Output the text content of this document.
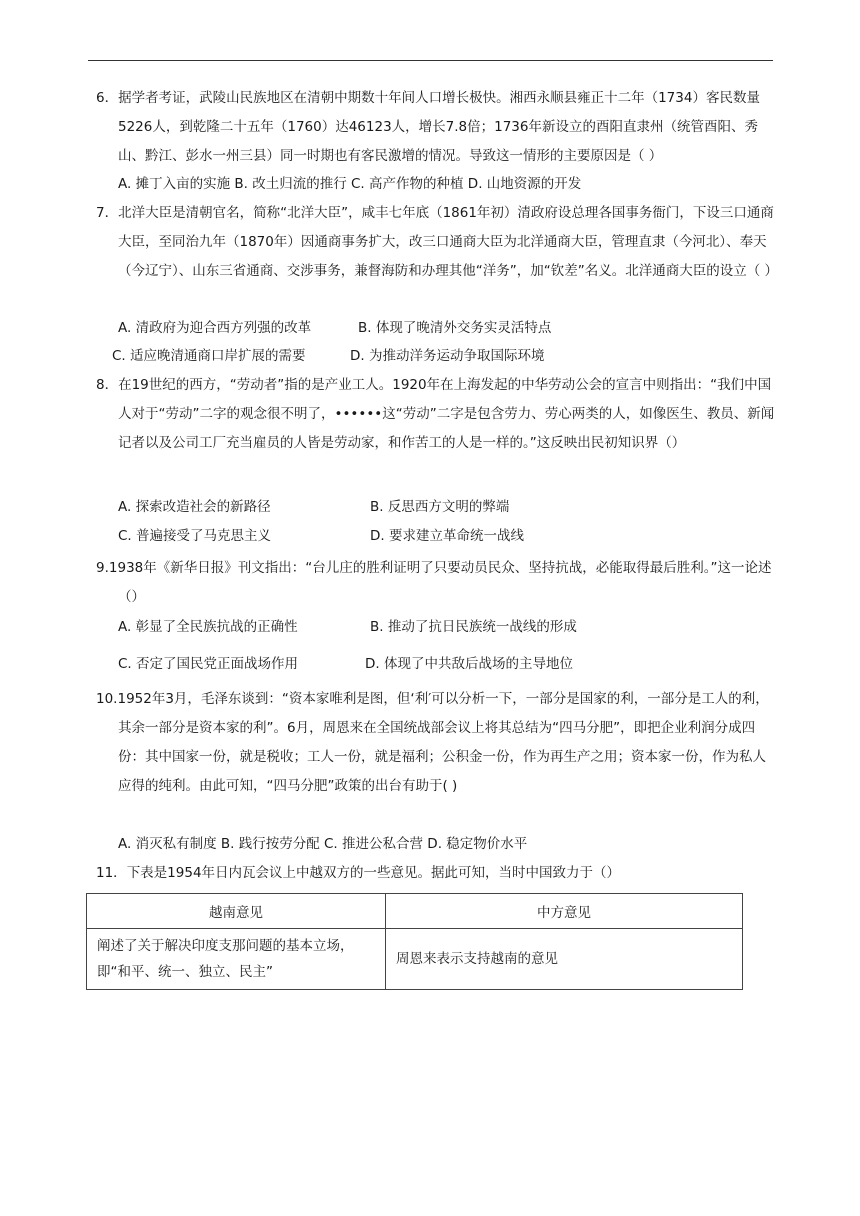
6．据学者考证，武陵山民族地区在清朝中期数十年间人口增长极快。湘西永顺县雍正十二年（1734）客民数量5226人，到乾隆二十五年（1760）达46123人，增长7.8倍；1736年新设立的酉阳直隶州（统管酉阳、秀山、黔江、彭水一州三县）同一时期也有客民激增的情况。导致这一情形的主要原因是（ ）
A. 摊丁入亩的实施 B. 改土归流的推行 C. 高产作物的种植 D. 山地资源的开发
7．北洋大臣是清朝官名，简称“北洋大臣”，咸丰七年底（1861年初）清政府设总理各国事务衙门，下设三口通商大臣，至同治九年（1870年）因通商事务扩大，改三口通商大臣为北洋通商大臣，管理直隶（今河北）、奉天（今辽宁）、山东三省通商、交涉事务，兼督海防和办理其他“洋务”，加“钦差”名义。北洋通商大臣的设立（ ）
A. 清政府为迎合西方列强的改革	B. 体现了晚清外交务实灵活特点
C. 适应晚清通商口岸扩展的需要	D. 为推动洋务运动争取国际环境
8．在19世纪的西方，“劳动者”指的是产业工人。1920年在上海发起的中华劳动公会的宣言中则指出：“我们中国人对于“劳动”二字的观念很不明了，••••••这“劳动”二字是包含劳力、劳心两类的人，如像医生、教员、新闻记者以及公司工厂充当雇员的人皆是劳动家，和作苦工的人是一样的。”这反映出民初知识界（）
A. 探索改造社会的新路径	B. 反思西方文明的弊端
C. 普遍接受了马克思主义	D. 要求建立革命统一战线
9.1938年《新华日报》刊文指出：“台儿庄的胜利证明了只要动员民众、坚持抗战，必能取得最后胜利。”这一论述（）
A. 彰显了全民族抗战的正确性	B. 推动了抗日民族统一战线的形成
C. 否定了国民党正面战场作用	D. 体现了中共敌后战场的主导地位
10.1952年3月，毛泽东谈到：“资本家唯利是图，但‘利′可以分析一下，一部分是国家的利，一部分是工人的利，其余一部分是资本家的利”。6月，周恩来在全国统战部会议上将其总结为“四马分肥”，即把企业利润分成四份：其中国家一份，就是税收；工人一份，就是福利；公积金一份，作为再生产之用；资本家一份，作为私人应得的纯利。由此可知，“四马分肥”政策的出台有助于( )
A. 消灭私有制度 B. 践行按劳分配 C. 推进公私合营 D. 稳定物价水平
11．下表是1954年日内瓦会议上中越双方的一些意见。据此可知，当时中国致力于（）
越南意见	中方意见
阐述了关于解决印度支那问题的基本立场，即“和平、统一、独立、民主”	周恩来表示支持越南的意见
